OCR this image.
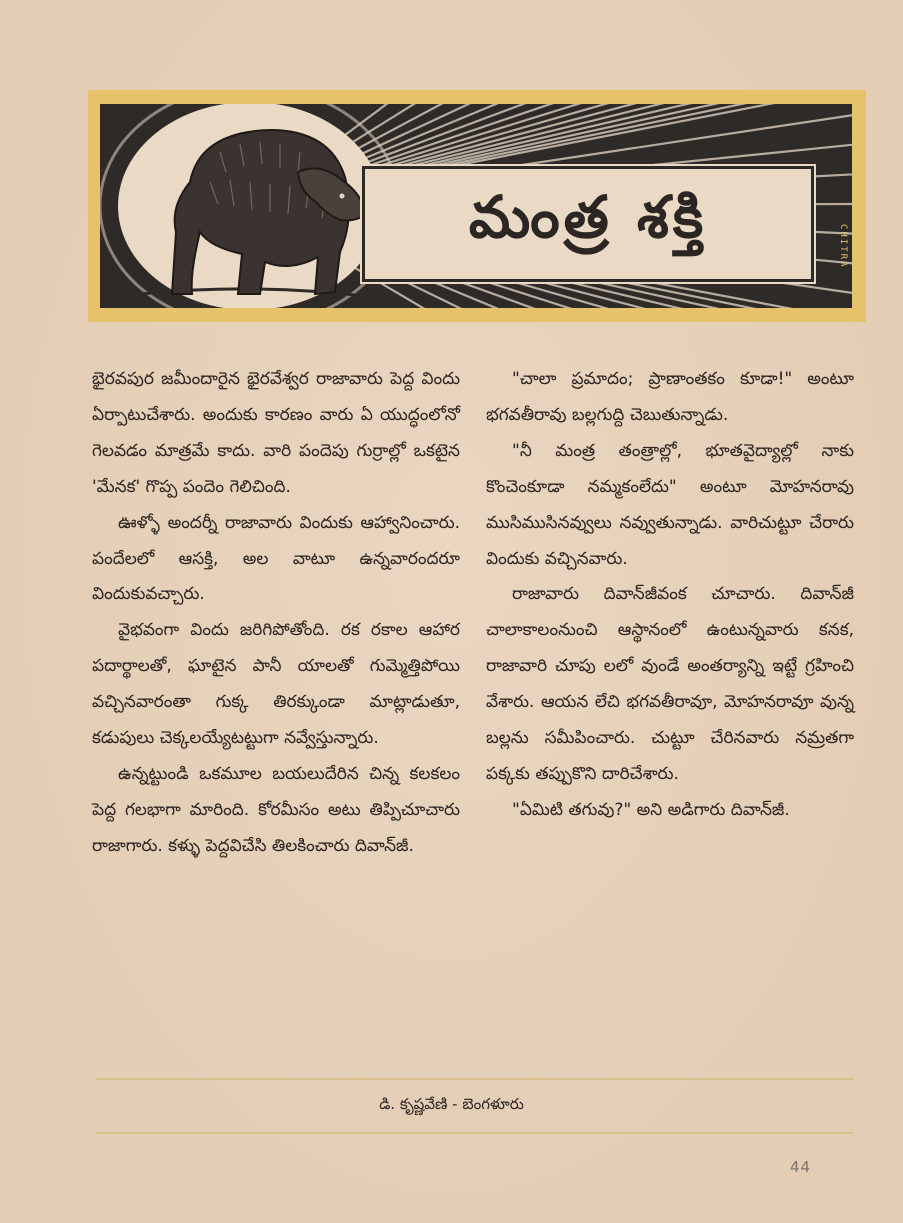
మంత్ర శక్తి	CHITRA

భైరవపుర జమీందారైన భైరవేశ్వర రాజావారు పెద్ద విందు ఏర్పాటుచేశారు. అందుకు కారణం వారు ఏ యుద్ధంలోనో గెలవడం మాత్రమే కాదు. వారి పందెపు గుర్రాల్లో ఒకటైన 'మేనక' గొప్ప పందెం గెలిచింది.

ఊళ్ళో అందర్నీ రాజావారు విందుకు ఆహ్వానించారు. పందేలలో ఆసక్తి, అల వాటూ ఉన్నవారందరూ విందుకువచ్చారు.

వైభవంగా విందు జరిగిపోతోంది. రక రకాల ఆహార పదార్థాలతో, ఘాటైన పానీ యాలతో గుమ్మెత్తిపోయి వచ్చినవారంతా గుక్క తిరక్కుండా మాట్లాడుతూ, కడుపులు చెక్కలయ్యేటట్టుగా నవ్వేస్తున్నారు.

ఉన్నట్టుండి ఒకమూల బయలుదేరిన చిన్న కలకలం పెద్ద గలభాగా మారింది. కోరమీసం అటు తిప్పిచూచారు రాజాగారు. కళ్ళు పెద్దవిచేసి తిలకించారు దివాన్‌జీ.

"చాలా ప్రమాదం; ప్రాణాంతకం కూడా!" అంటూ భగవతీరావు బల్లగుద్ది చెబుతున్నాడు.

"నీ మంత్ర తంత్రాల్లో, భూతవైద్యాల్లో నాకు కొంచెంకూడా నమ్మకంలేదు" అంటూ మోహనరావు ముసిముసినవ్వులు నవ్వుతున్నాడు. వారిచుట్టూ చేరారు విందుకు వచ్చినవారు.

రాజావారు దివాన్‌జీవంక చూచారు. దివాన్‌జీ చాలాకాలంనుంచి ఆస్థానంలో ఉంటున్నవారు కనక, రాజావారి చూపు లలో వుండే అంతర్యాన్ని ఇట్టే గ్రహించి వేశారు. ఆయన లేచి భగవతీరావూ, మోహనరావూ వున్న బల్లను సమీపించారు. చుట్టూ చేరినవారు నమ్రతగా పక్కకు తప్పుకొని దారిచేశారు.

"ఏమిటి తగువు?" అని అడిగారు దివాన్‌జీ.

డి. కృష్ణవేణి - బెంగళూరు
44
